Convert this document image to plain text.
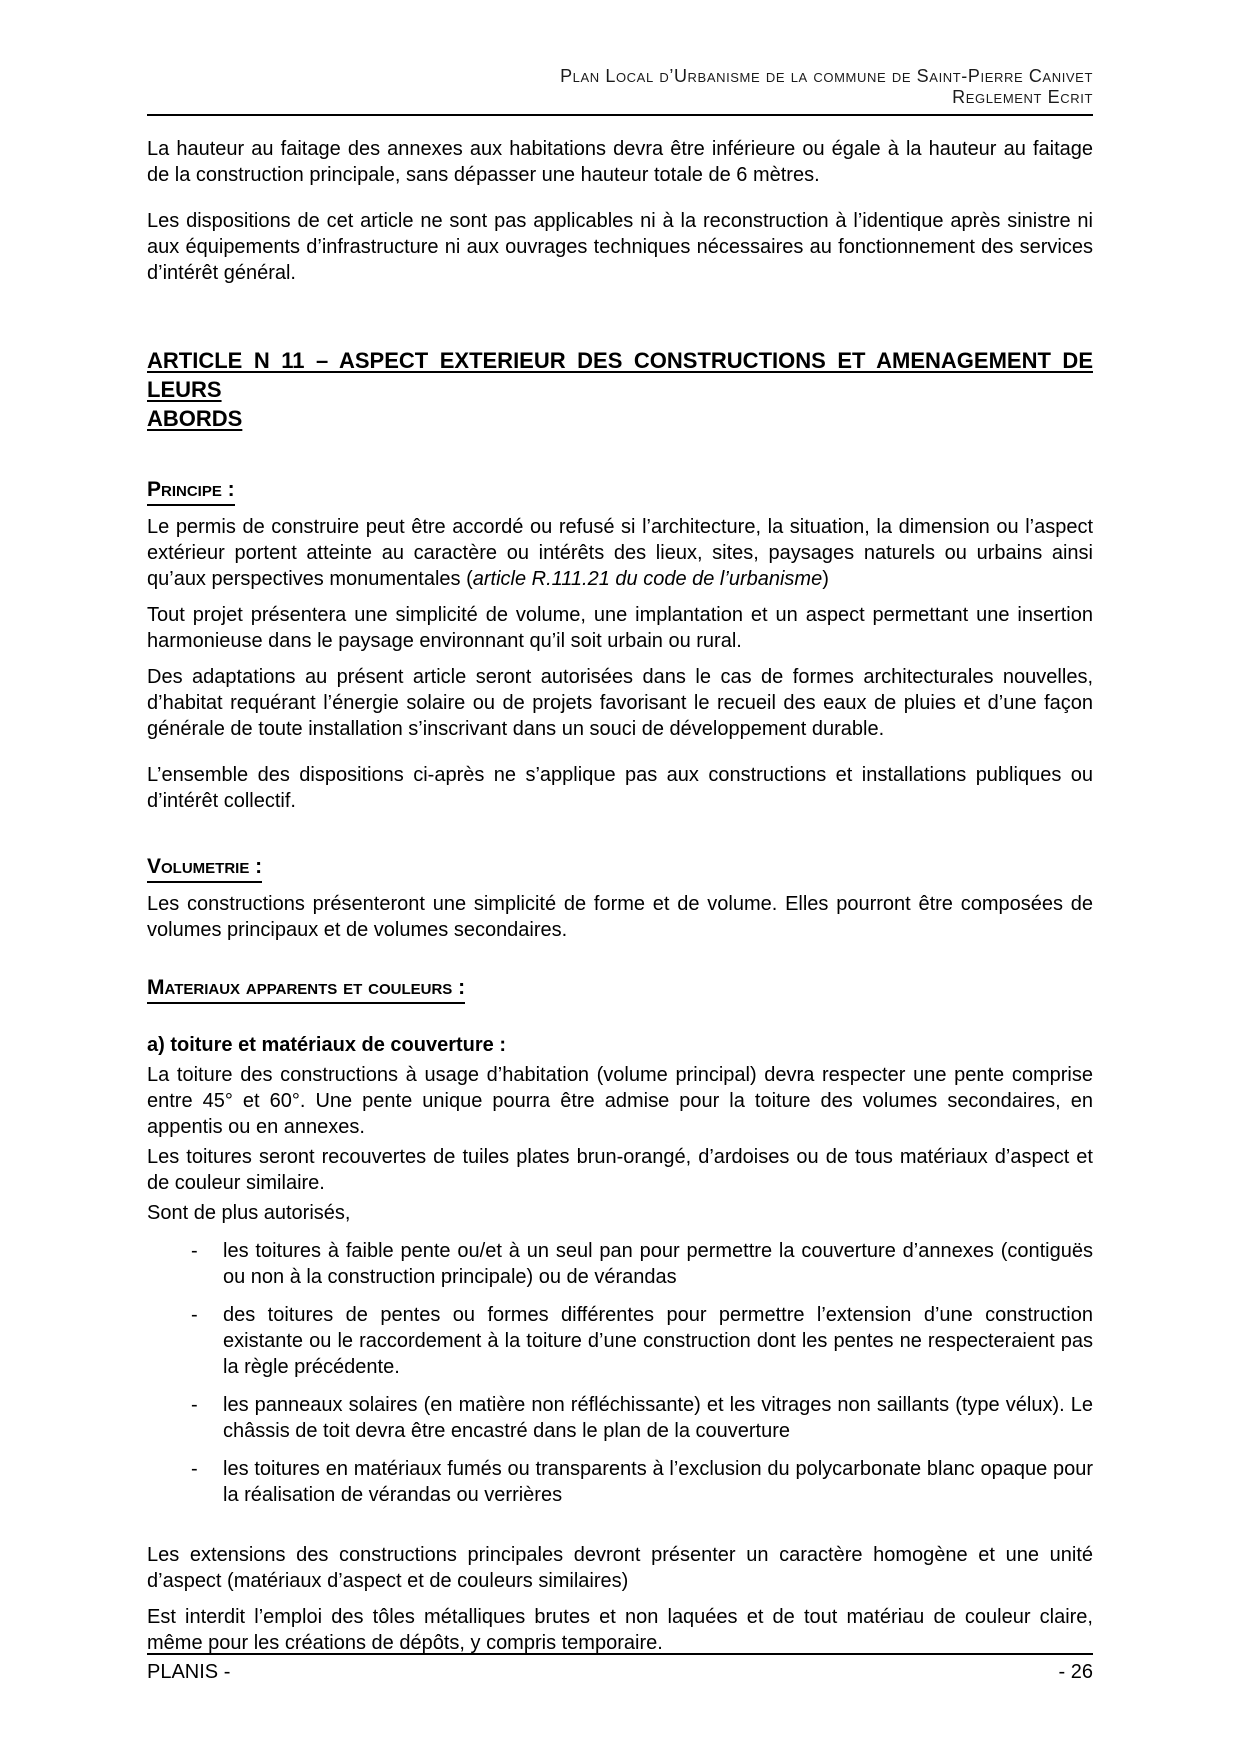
Plan Local d’Urbanisme de la commune de Saint-Pierre Canivet
Reglement Ecrit

La hauteur au faitage des annexes aux habitations devra être inférieure ou égale à la hauteur au faitage de la construction principale, sans dépasser une hauteur totale de 6 mètres.

Les dispositions de cet article ne sont pas applicables ni à la reconstruction à l’identique après sinistre ni aux équipements d’infrastructure ni aux ouvrages techniques nécessaires au fonctionnement des services d’intérêt général.

ARTICLE N 11 – ASPECT EXTERIEUR DES CONSTRUCTIONS ET AMENAGEMENT DE LEURS
ABORDS
Principe :

Le permis de construire peut être accordé ou refusé si l’architecture, la situation, la dimension ou l’aspect extérieur portent atteinte au caractère ou intérêts des lieux, sites, paysages naturels ou urbains ainsi qu’aux perspectives monumentales (article R.111.21 du code de l’urbanisme)

Tout projet présentera une simplicité de volume, une implantation et un aspect permettant une insertion harmonieuse dans le paysage environnant qu’il soit urbain ou rural.

Des adaptations au présent article seront autorisées dans le cas de formes architecturales nouvelles, d’habitat requérant l’énergie solaire ou de projets favorisant le recueil des eaux de pluies et d’une façon générale de toute installation s’inscrivant dans un souci de développement durable.

L’ensemble des dispositions ci-après ne s’applique pas aux constructions et installations publiques ou d’intérêt collectif.

Volumetrie :

Les constructions présenteront une simplicité de forme et de volume. Elles pourront être composées de volumes principaux et de volumes secondaires.

Materiaux apparents et couleurs :
a) toiture et matériaux de couverture :

La toiture des constructions à usage d’habitation (volume principal) devra respecter une pente comprise entre 45° et 60°. Une pente unique pourra être admise pour la toiture des volumes secondaires, en appentis ou en annexes.

Les toitures seront recouvertes de tuiles plates brun-orangé, d’ardoises ou de tous matériaux d’aspect et de couleur similaire.

Sont de plus autorisés,

- les toitures à faible pente ou/et à un seul pan pour permettre la couverture d’annexes (contiguës ou non à la construction principale) ou de vérandas
- des toitures de pentes ou formes différentes pour permettre l’extension d’une construction existante ou le raccordement à la toiture d’une construction dont les pentes ne respecteraient pas la règle précédente.
- les panneaux solaires (en matière non réfléchissante) et les vitrages non saillants (type vélux). Le châssis de toit devra être encastré dans le plan de la couverture
- les toitures en matériaux fumés ou transparents à l’exclusion du polycarbonate blanc opaque pour la réalisation de vérandas ou verrières

Les extensions des constructions principales devront présenter un caractère homogène et une unité d’aspect (matériaux d’aspect et de couleurs similaires)

Est interdit l’emploi des tôles métalliques brutes et non laquées et de tout matériau de couleur claire, même pour les créations de dépôts, y compris temporaire.

PLANIS -	- 26
